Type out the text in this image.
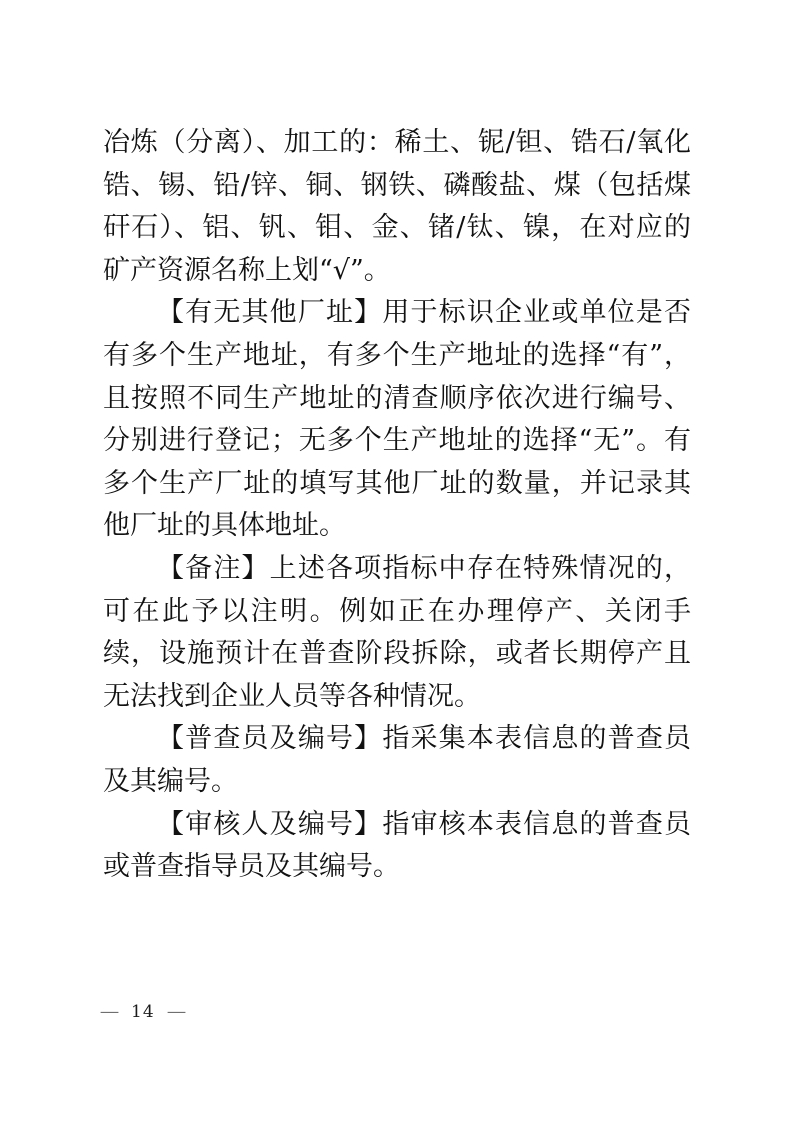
冶炼（分离）、加工的：稀土、铌/钽、锆石/氧化锆、锡、铅/锌、铜、钢铁、磷酸盐、煤（包括煤矸石）、铝、钒、钼、金、锗/钛、镍，在对应的矿产资源名称上划“√”。

【有无其他厂址】用于标识企业或单位是否有多个生产地址，有多个生产地址的选择“有”，且按照不同生产地址的清查顺序依次进行编号、分别进行登记；无多个生产地址的选择“无”。有多个生产厂址的填写其他厂址的数量，并记录其他厂址的具体地址。

【备注】上述各项指标中存在特殊情况的，可在此予以注明。例如正在办理停产、关闭手续，设施预计在普查阶段拆除，或者长期停产且无法找到企业人员等各种情况。

【普查员及编号】指采集本表信息的普查员及其编号。

【审核人及编号】指审核本表信息的普查员或普查指导员及其编号。

— 14 —
